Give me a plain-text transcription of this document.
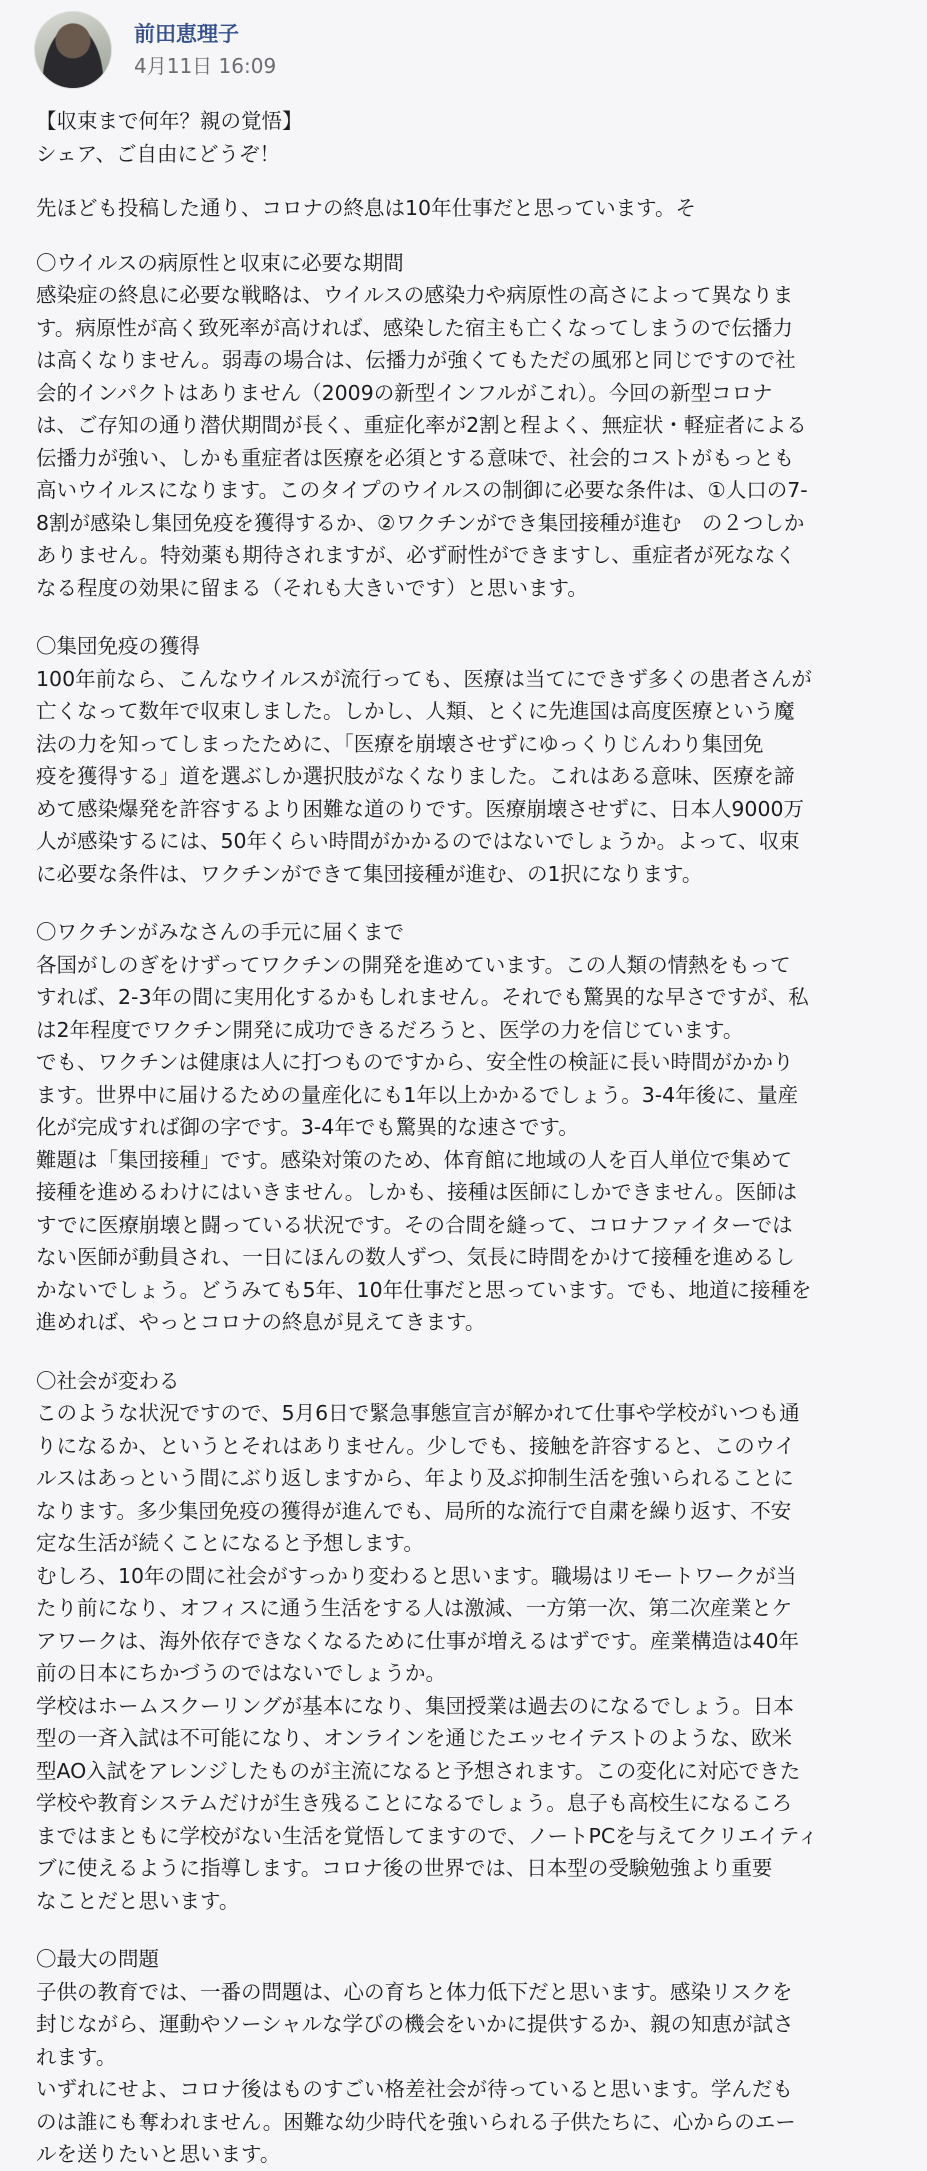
前田恵理子
4月11日 16:09
【収束まで何年？親の覚悟】
シェア、ご自由にどうぞ！
先ほども投稿した通り、コロナの終息は10年仕事だと思っています。そ
〇ウイルスの病原性と収束に必要な期間
感染症の終息に必要な戦略は、ウイルスの感染力や病原性の高さによって異なりま
す。病原性が高く致死率が高ければ、感染した宿主も亡くなってしまうので伝播力
は高くなりません。弱毒の場合は、伝播力が強くてもただの風邪と同じですので社
会的インパクトはありません（2009の新型インフルがこれ）。今回の新型コロナ
は、ご存知の通り潜伏期間が長く、重症化率が2割と程よく、無症状・軽症者による
伝播力が強い、しかも重症者は医療を必須とする意味で、社会的コストがもっとも
高いウイルスになります。このタイプのウイルスの制御に必要な条件は、①人口の7-
8割が感染し集団免疫を獲得するか、②ワクチンができ集団接種が進む　の２つしか
ありません。特効薬も期待されますが、必ず耐性ができますし、重症者が死ななく
なる程度の効果に留まる（それも大きいです）と思います。
〇集団免疫の獲得
100年前なら、こんなウイルスが流行っても、医療は当てにできず多くの患者さんが
亡くなって数年で収束しました。しかし、人類、とくに先進国は高度医療という魔
法の力を知ってしまったために、「医療を崩壊させずにゆっくりじんわり集団免
疫を獲得する」道を選ぶしか選択肢がなくなりました。これはある意味、医療を諦
めて感染爆発を許容するより困難な道のりです。医療崩壊させずに、日本人9000万
人が感染するには、50年くらい時間がかかるのではないでしょうか。よって、収束
に必要な条件は、ワクチンができて集団接種が進む、の1択になります。
〇ワクチンがみなさんの手元に届くまで
各国がしのぎをけずってワクチンの開発を進めています。この人類の情熱をもって
すれば、2-3年の間に実用化するかもしれません。それでも驚異的な早さですが、私
は2年程度でワクチン開発に成功できるだろうと、医学の力を信じています。
でも、ワクチンは健康は人に打つものですから、安全性の検証に長い時間がかかり
ます。世界中に届けるための量産化にも1年以上かかるでしょう。3-4年後に、量産
化が完成すれば御の字です。3-4年でも驚異的な速さです。
難題は「集団接種」です。感染対策のため、体育館に地域の人を百人単位で集めて
接種を進めるわけにはいきません。しかも、接種は医師にしかできません。医師は
すでに医療崩壊と闘っている状況です。その合間を縫って、コロナファイターでは
ない医師が動員され、一日にほんの数人ずつ、気長に時間をかけて接種を進めるし
かないでしょう。どうみても5年、10年仕事だと思っています。でも、地道に接種を
進めれば、やっとコロナの終息が見えてきます。
〇社会が変わる
このような状況ですので、5月6日で緊急事態宣言が解かれて仕事や学校がいつも通
りになるか、というとそれはありません。少しでも、接触を許容すると、このウイ
ルスはあっという間にぶり返しますから、年より及ぶ抑制生活を強いられることに
なります。多少集団免疫の獲得が進んでも、局所的な流行で自粛を繰り返す、不安
定な生活が続くことになると予想します。
むしろ、10年の間に社会がすっかり変わると思います。職場はリモートワークが当
たり前になり、オフィスに通う生活をする人は激減、一方第一次、第二次産業とケ
アワークは、海外依存できなくなるために仕事が増えるはずです。産業構造は40年
前の日本にちかづうのではないでしょうか。
学校はホームスクーリングが基本になり、集団授業は過去のになるでしょう。日本
型の一斉入試は不可能になり、オンラインを通じたエッセイテストのような、欧米
型AO入試をアレンジしたものが主流になると予想されます。この変化に対応できた
学校や教育システムだけが生き残ることになるでしょう。息子も高校生になるころ
まではまともに学校がない生活を覚悟してますので、ノートPCを与えてクリエイティ
ブに使えるように指導します。コロナ後の世界では、日本型の受験勉強より重要
なことだと思います。
〇最大の問題
子供の教育では、一番の問題は、心の育ちと体力低下だと思います。感染リスクを
封じながら、運動やソーシャルな学びの機会をいかに提供するか、親の知恵が試さ
れます。
いずれにせよ、コロナ後はものすごい格差社会が待っていると思います。学んだも
のは誰にも奪われません。困難な幼少時代を強いられる子供たちに、心からのエー
ルを送りたいと思います。
